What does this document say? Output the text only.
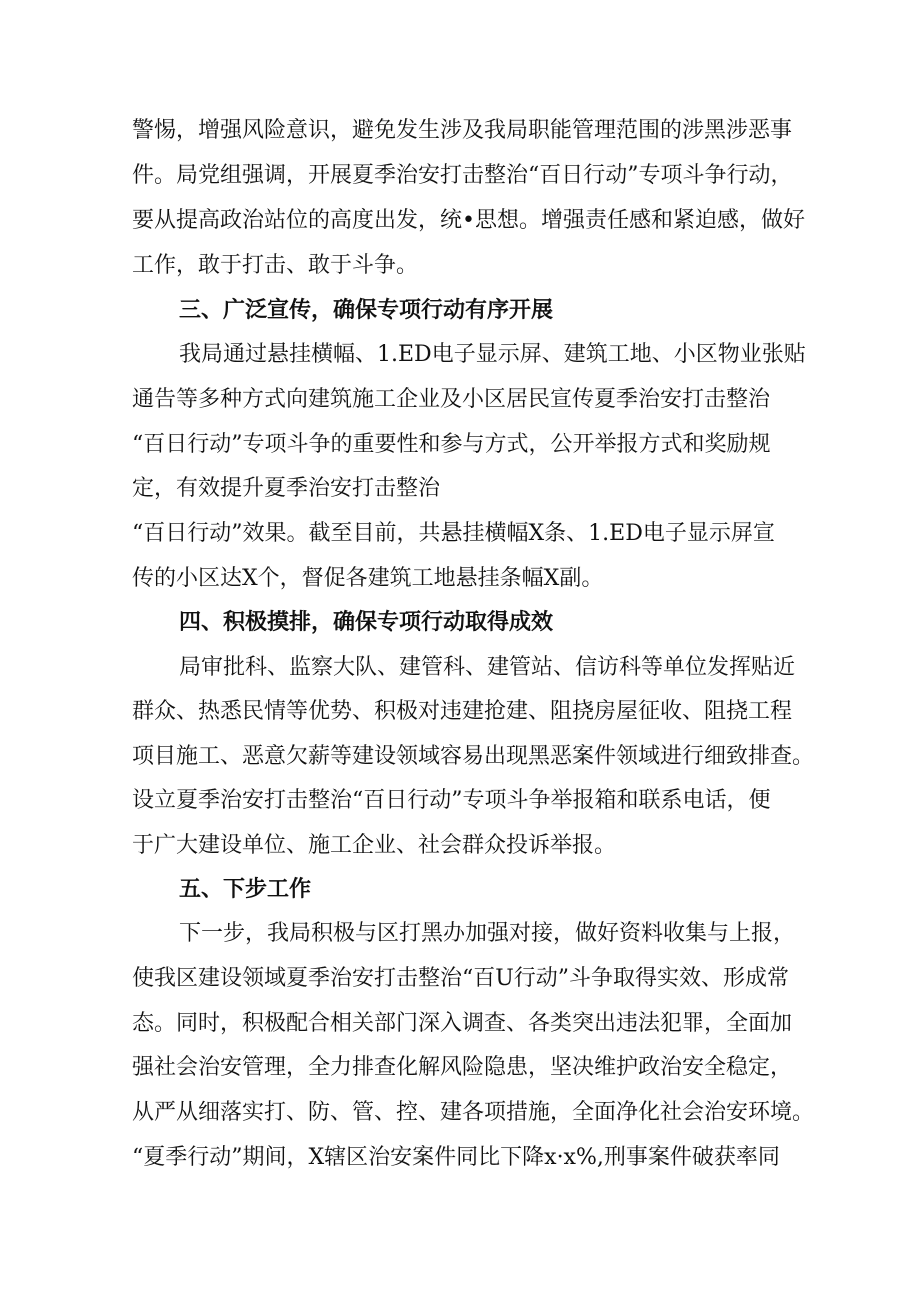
警惕，增强风险意识，避免发生涉及我局职能管理范围的涉黑涉恶事
件。局党组强调，开展夏季治安打击整治“百日行动”专项斗争行动，
要从提高政治站位的高度出发，统•思想。增强责任感和紧迫感，做好
工作，敢于打击、敢于斗争。
三、广泛宣传，确保专项行动有序开展
我局通过悬挂横幅、1.ED电子显示屏、建筑工地、小区物业张贴
通告等多种方式向建筑施工企业及小区居民宣传夏季治安打击整治
“百日行动”专项斗争的重要性和参与方式，公开举报方式和奖励规
定，有效提升夏季治安打击整治
“百日行动”效果。截至目前，共悬挂横幅X条、1.ED电子显示屏宣
传的小区达X个，督促各建筑工地悬挂条幅X副。
四、积极摸排，确保专项行动取得成效
局审批科、监察大队、建管科、建管站、信访科等单位发挥贴近
群众、热悉民情等优势、积极对违建抢建、阻挠房屋征收、阻挠工程
项目施工、恶意欠薪等建设领域容易出现黑恶案件领域进行细致排查。
设立夏季治安打击整治“百日行动”专项斗争举报箱和联系电话，便
于广大建设单位、施工企业、社会群众投诉举报。
五、下步工作
下一步，我局积极与区打黑办加强对接，做好资料收集与上报，
使我区建设领域夏季治安打击整治“百U行动”斗争取得实效、形成常
态。同时，积极配合相关部门深入调查、各类突出违法犯罪，全面加
强社会治安管理，全力排查化解风险隐患，坚决维护政治安全稳定，
从严从细落实打、防、管、控、建各项措施，全面净化社会治安环境。
“夏季行动”期间，X辖区治安案件同比下降x·x%,刑事案件破获率同
